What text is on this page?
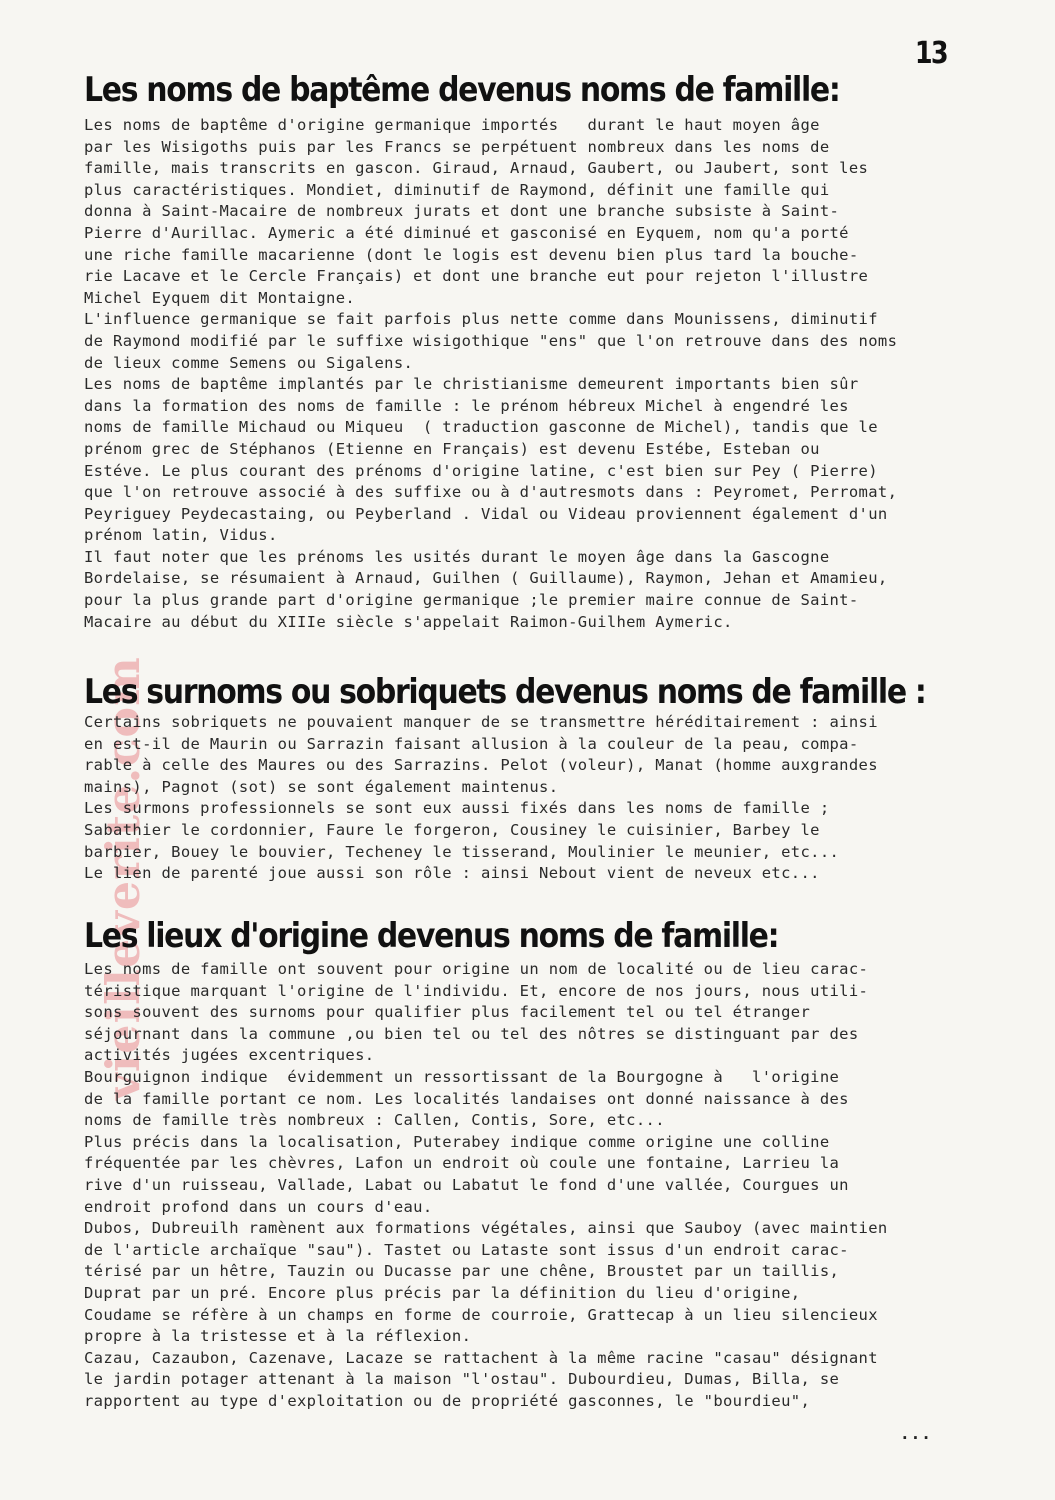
13
vieilleverite.com
Les noms de baptême devenus noms de famille:
Les noms de baptême d'origine germanique importés   durant le haut moyen âge
par les Wisigoths puis par les Francs se perpétuent nombreux dans les noms de
famille, mais transcrits en gascon. Giraud, Arnaud, Gaubert, ou Jaubert, sont les
plus caractéristiques. Mondiet, diminutif de Raymond, définit une famille qui
donna à Saint-Macaire de nombreux jurats et dont une branche subsiste à Saint-
Pierre d'Aurillac. Aymeric a été diminué et gasconisé en Eyquem, nom qu'a porté
une riche famille macarienne (dont le logis est devenu bien plus tard la bouche-
rie Lacave et le Cercle Français) et dont une branche eut pour rejeton l'illustre
Michel Eyquem dit Montaigne.
L'influence germanique se fait parfois plus nette comme dans Mounissens, diminutif
de Raymond modifié par le suffixe wisigothique "ens" que l'on retrouve dans des noms
de lieux comme Semens ou Sigalens.
Les noms de baptême implantés par le christianisme demeurent importants bien sûr
dans la formation des noms de famille : le prénom hébreux Michel à engendré les
noms de famille Michaud ou Miqueu  ( traduction gasconne de Michel), tandis que le
prénom grec de Stéphanos (Etienne en Français) est devenu Estébe, Esteban ou
Estéve. Le plus courant des prénoms d'origine latine, c'est bien sur Pey ( Pierre)
que l'on retrouve associé à des suffixe ou à d'autresmots dans : Peyromet, Perromat,
Peyriguey Peydecastaing, ou Peyberland . Vidal ou Videau proviennent également d'un
prénom latin, Vidus.
Il faut noter que les prénoms les usités durant le moyen âge dans la Gascogne
Bordelaise, se résumaient à Arnaud, Guilhen ( Guillaume), Raymon, Jehan et Amamieu,
pour la plus grande part d'origine germanique ;le premier maire connue de Saint-
Macaire au début du XIIIe siècle s'appelait Raimon-Guilhem Aymeric.
Les surnoms ou sobriquets devenus noms de famille :
Certains sobriquets ne pouvaient manquer de se transmettre héréditairement : ainsi
en est-il de Maurin ou Sarrazin faisant allusion à la couleur de la peau, compa-
rable à celle des Maures ou des Sarrazins. Pelot (voleur), Manat (homme auxgrandes
mains), Pagnot (sot) se sont également maintenus.
Les surmons professionnels se sont eux aussi fixés dans les noms de famille ;
Sabathier le cordonnier, Faure le forgeron, Cousiney le cuisinier, Barbey le
barbier, Bouey le bouvier, Techeney le tisserand, Moulinier le meunier, etc...
Le lien de parenté joue aussi son rôle : ainsi Nebout vient de neveux etc...
Les lieux d'origine devenus noms de famille:
Les noms de famille ont souvent pour origine un nom de localité ou de lieu carac-
téristique marquant l'origine de l'individu. Et, encore de nos jours, nous utili-
sons souvent des surnoms pour qualifier plus facilement tel ou tel étranger
séjournant dans la commune ,ou bien tel ou tel des nôtres se distinguant par des
activités jugées excentriques.
Bourguignon indique  évidemment un ressortissant de la Bourgogne à   l'origine
de la famille portant ce nom. Les localités landaises ont donné naissance à des
noms de famille très nombreux : Callen, Contis, Sore, etc...
Plus précis dans la localisation, Puterabey indique comme origine une colline
fréquentée par les chèvres, Lafon un endroit où coule une fontaine, Larrieu la
rive d'un ruisseau, Vallade, Labat ou Labatut le fond d'une vallée, Courgues un
endroit profond dans un cours d'eau.
Dubos, Dubreuilh ramènent aux formations végétales, ainsi que Sauboy (avec maintien
de l'article archaïque "sau"). Tastet ou Lataste sont issus d'un endroit carac-
térisé par un hêtre, Tauzin ou Ducasse par une chêne, Broustet par un taillis,
Duprat par un pré. Encore plus précis par la définition du lieu d'origine,
Coudame se réfère à un champs en forme de courroie, Grattecap à un lieu silencieux
propre à la tristesse et à la réflexion.
Cazau, Cazaubon, Cazenave, Lacaze se rattachent à la même racine "casau" désignant
le jardin potager attenant à la maison "l'ostau". Dubourdieu, Dumas, Billa, se
rapportent au type d'exploitation ou de propriété gasconnes, le "bourdieu",
...
